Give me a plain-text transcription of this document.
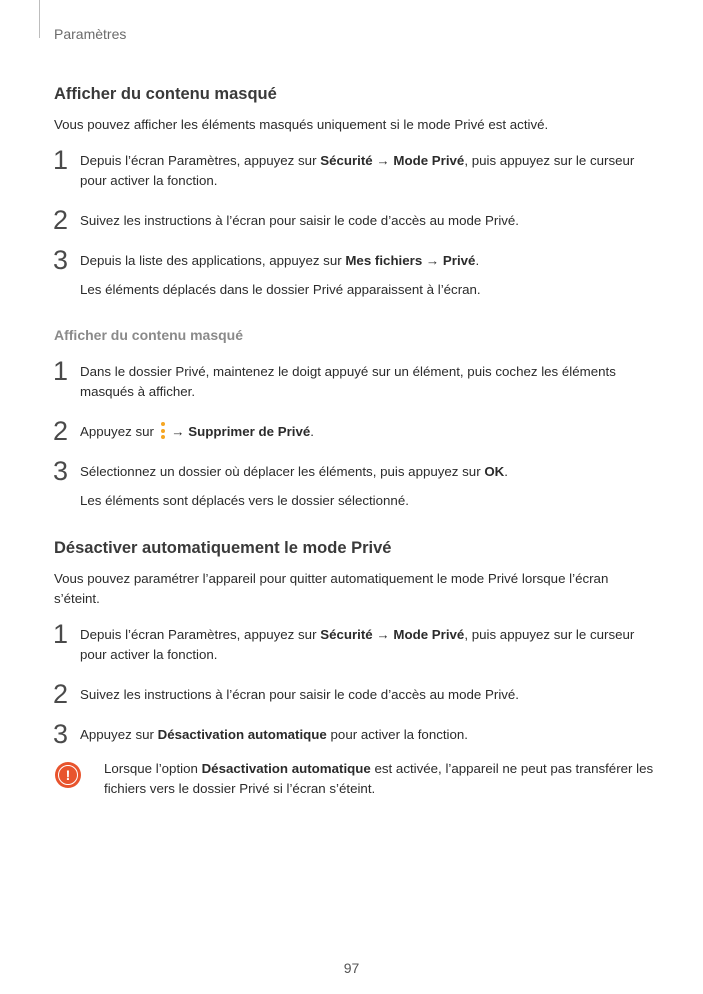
Paramètres
Afficher du contenu masqué

Vous pouvez afficher les éléments masqués uniquement si le mode Privé est activé.

1 Depuis l’écran Paramètres, appuyez sur Sécurité → Mode Privé, puis appuyez sur le curseur pour activer la fonction.
2 Suivez les instructions à l’écran pour saisir le code d’accès au mode Privé.
3 Depuis la liste des applications, appuyez sur Mes fichiers → Privé.
Les éléments déplacés dans le dossier Privé apparaissent à l’écran.
Afficher du contenu masqué
1 Dans le dossier Privé, maintenez le doigt appuyé sur un élément, puis cochez les éléments masqués à afficher.
2 Appuyez sur
→ Supprimer de Privé.
3 Sélectionnez un dossier où déplacer les éléments, puis appuyez sur OK.
Les éléments sont déplacés vers le dossier sélectionné.
Désactiver automatiquement le mode Privé

Vous pouvez paramétrer l’appareil pour quitter automatiquement le mode Privé lorsque l’écran s’éteint.

1 Depuis l’écran Paramètres, appuyez sur Sécurité → Mode Privé, puis appuyez sur le curseur pour activer la fonction.
2 Suivez les instructions à l’écran pour saisir le code d’accès au mode Privé.
3 Appuyez sur Désactivation automatique pour activer la fonction.
!	Lorsque l’option Désactivation automatique est activée, l’appareil ne peut pas transférer les fichiers vers le dossier Privé si l’écran s’éteint.
97
